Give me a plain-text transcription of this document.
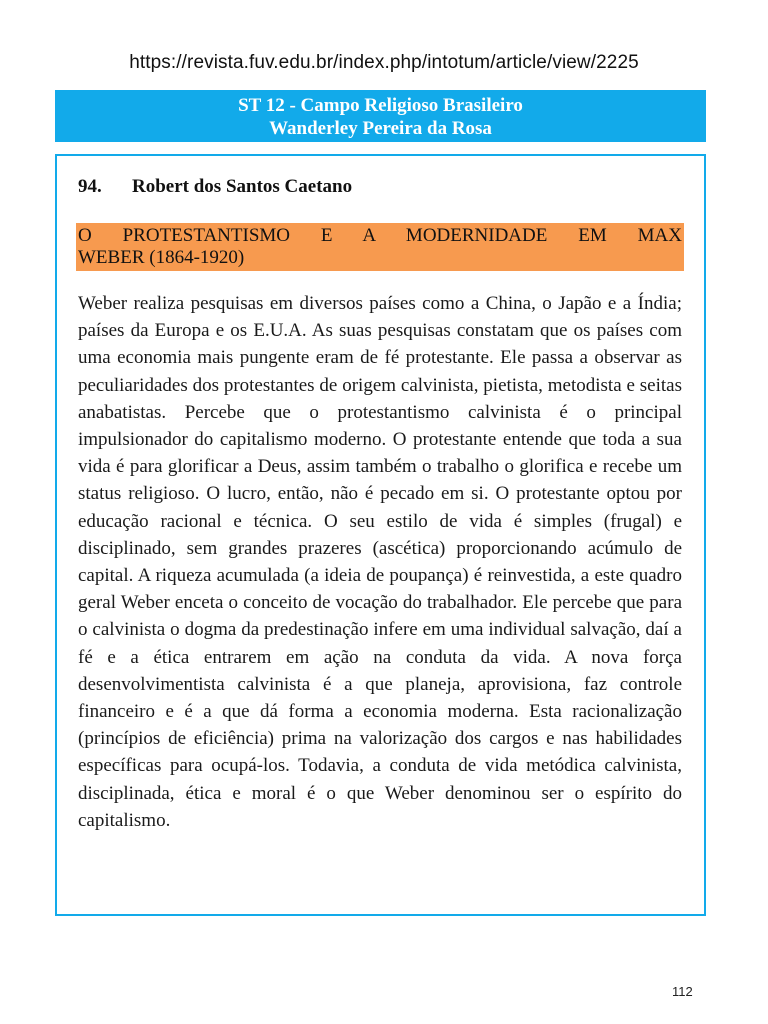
https://revista.fuv.edu.br/index.php/intotum/article/view/2225
ST 12 - Campo Religioso Brasileiro
Wanderley Pereira da Rosa
94. Robert dos Santos Caetano
O PROTESTANTISMO E A MODERNIDADE EM MAX
WEBER (1864-1920)
Weber realiza pesquisas em diversos países como a China, o Japão e a Índia; países da Europa e os E.U.A. As suas pesquisas constatam que os países com uma economia mais pungente eram de fé protestante. Ele passa a observar as peculiaridades dos protestantes de origem calvinista, pietista, metodista e seitas anabatistas. Percebe que o protestantismo calvinista é o principal impulsionador do capitalismo moderno. O protestante entende que toda a sua vida é para glorificar a Deus, assim também o trabalho o glorifica e recebe um status religioso. O lucro, então, não é pecado em si. O protestante optou por educação racional e técnica. O seu estilo de vida é simples (frugal) e disciplinado, sem grandes prazeres (ascética) proporcionando acúmulo de capital. A riqueza acumulada (a ideia de poupança) é reinvestida, a este quadro geral Weber enceta o conceito de vocação do trabalhador. Ele percebe que para o calvinista o dogma da predestinação infere em uma individual salvação, daí a fé e a ética entrarem em ação na conduta da vida. A nova força desenvolvimentista calvinista é a que planeja, aprovisiona, faz controle financeiro e é a que dá forma a economia moderna. Esta racionalização (princípios de eficiência) prima na valorização dos cargos e nas habilidades específicas para ocupá-los. Todavia, a conduta de vida metódica calvinista, disciplinada, ética e moral é o que Weber denominou ser o espírito do capitalismo.
112
